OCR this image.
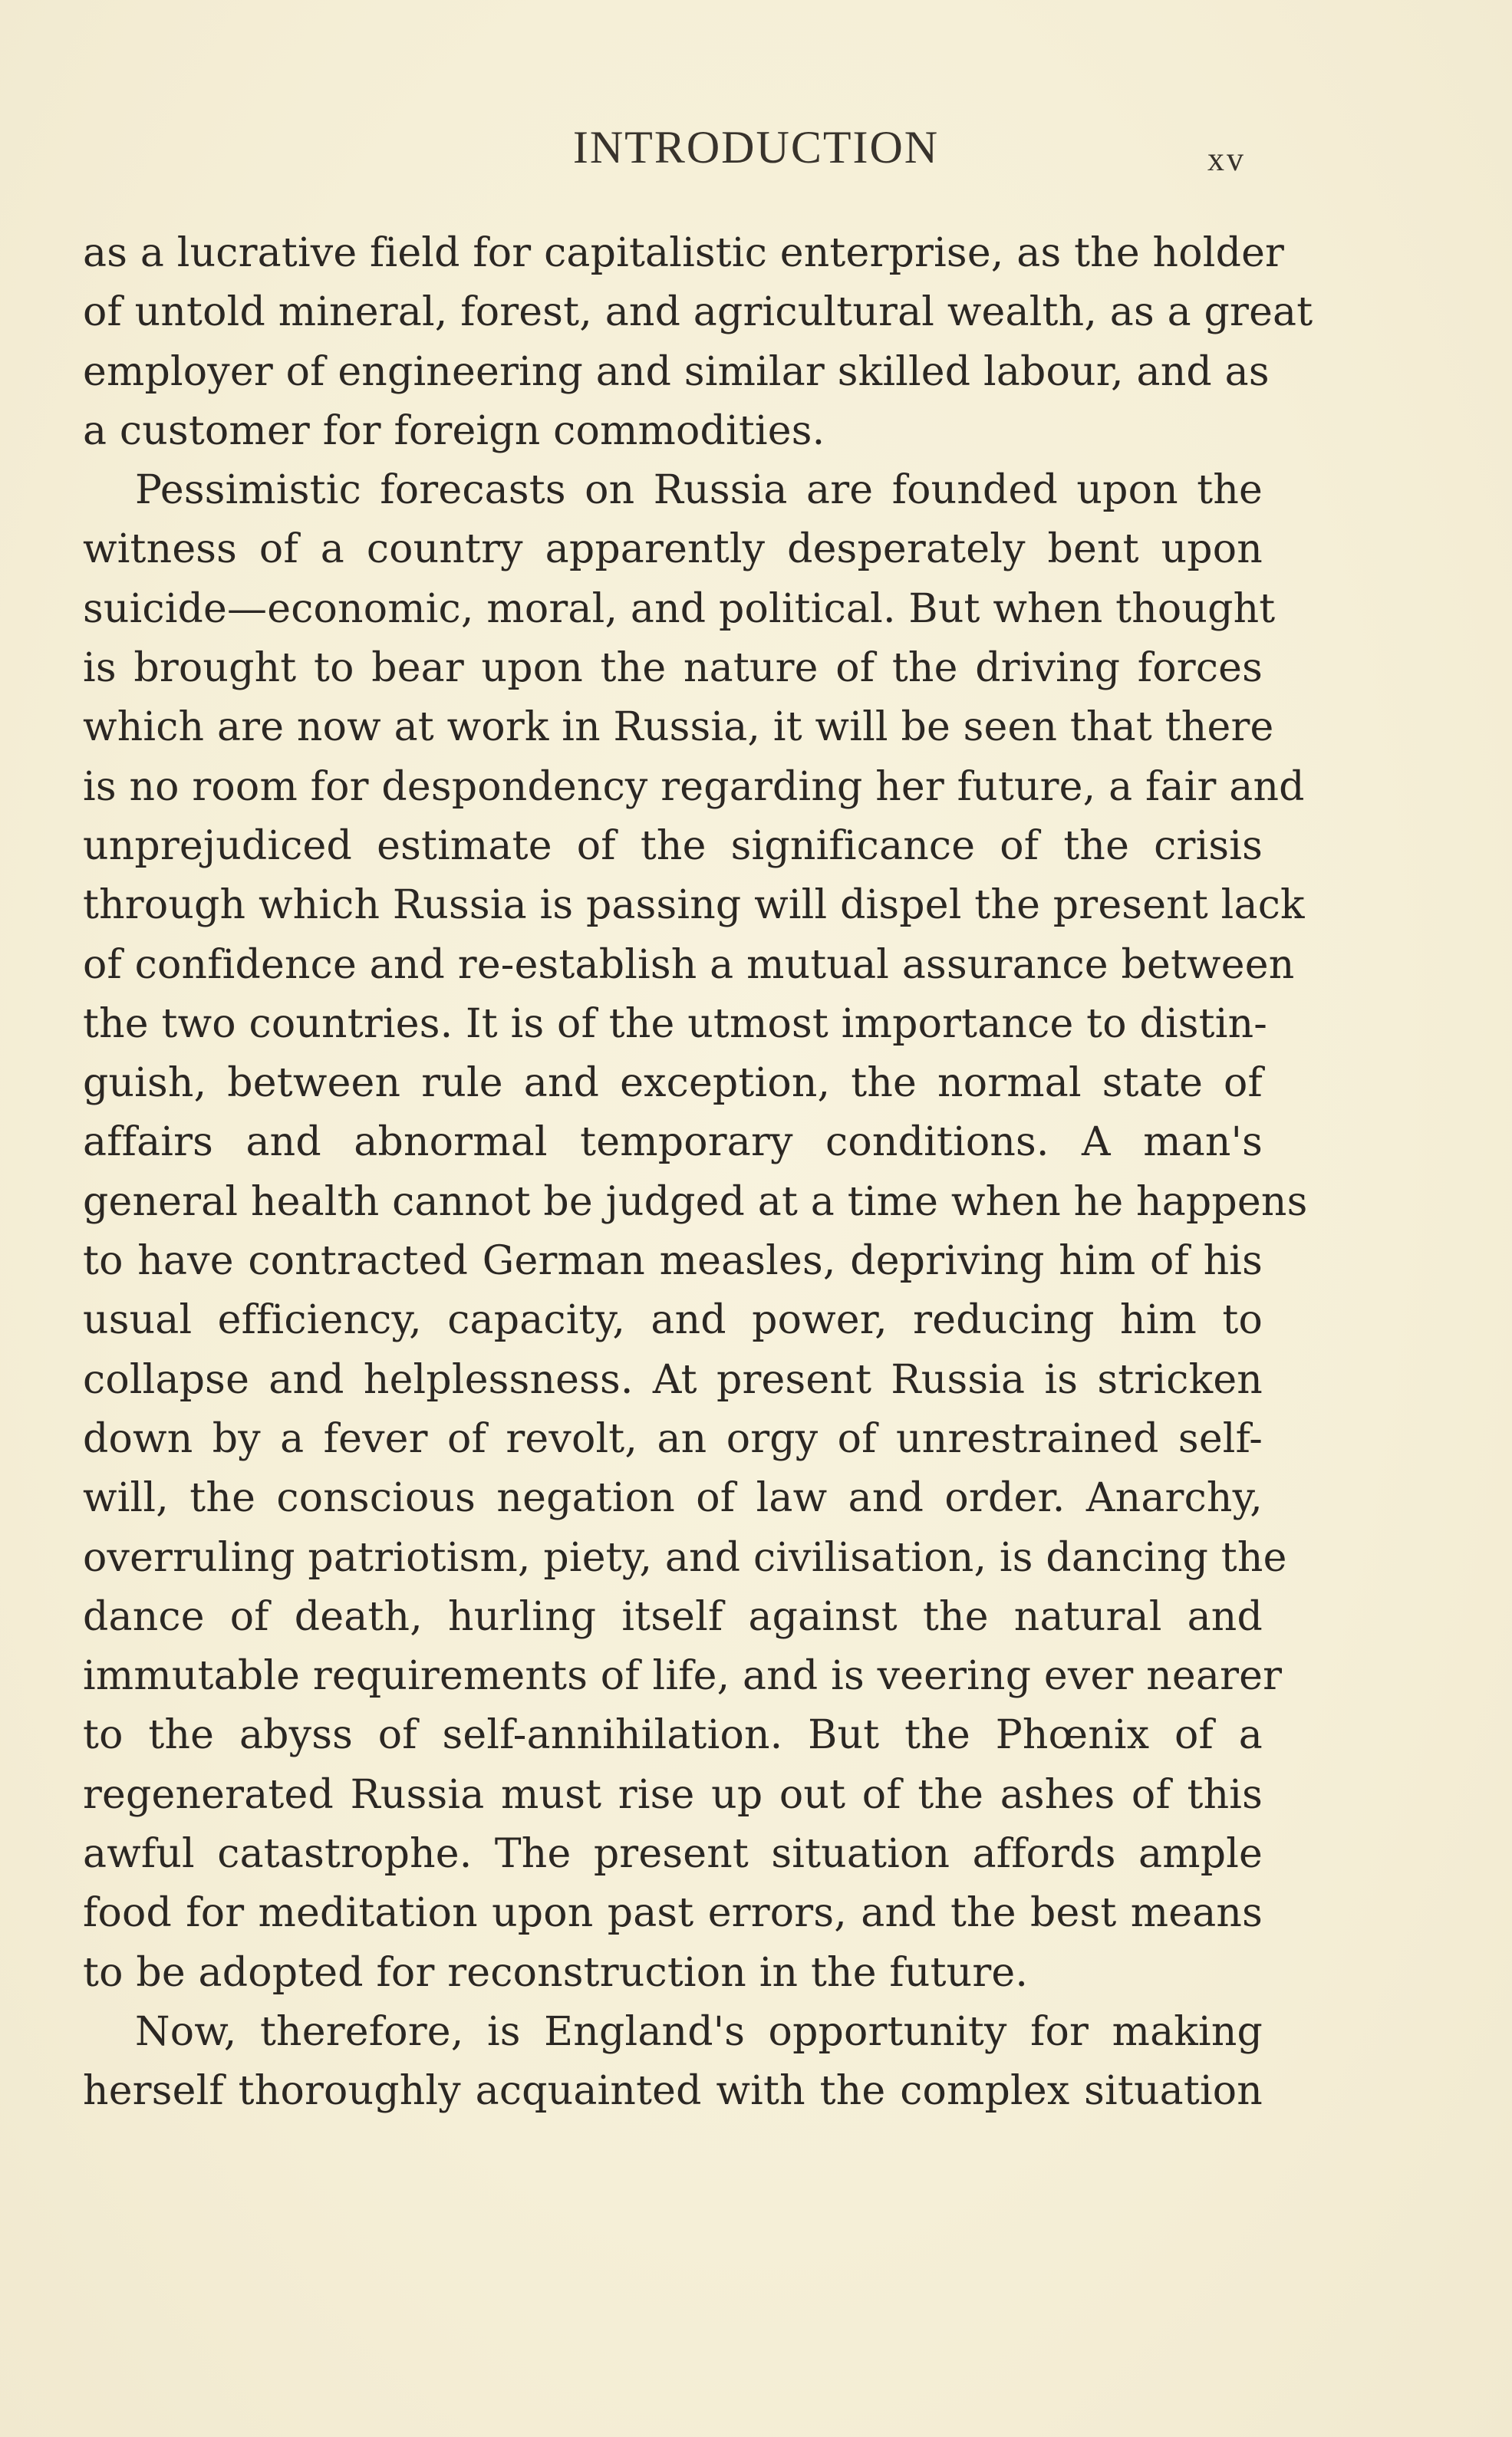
INTRODUCTION	xv
as a lucrative field for capitalistic enterprise, as the holder
of untold mineral, forest, and agricultural wealth, as a great
employer of engineering and similar skilled labour, and as
a customer for foreign commodities.
Pessimistic forecasts on Russia are founded upon the
witness of a country apparently desperately bent upon
suicide—economic, moral, and political. But when thought
is brought to bear upon the nature of the driving forces
which are now at work in Russia, it will be seen that there
is no room for despondency regarding her future, a fair and
unprejudiced estimate of the significance of the crisis
through which Russia is passing will dispel the present lack
of confidence and re-establish a mutual assurance between
the two countries. It is of the utmost importance to distin-
guish, between rule and exception, the normal state of
affairs and abnormal temporary conditions. A man's
general health cannot be judged at a time when he happens
to have contracted German measles, depriving him of his
usual efficiency, capacity, and power, reducing him to
collapse and helplessness. At present Russia is stricken
down by a fever of revolt, an orgy of unrestrained self-
will, the conscious negation of law and order. Anarchy,
overruling patriotism, piety, and civilisation, is dancing the
dance of death, hurling itself against the natural and
immutable requirements of life, and is veering ever nearer
to the abyss of self-annihilation. But the Phœnix of a
regenerated Russia must rise up out of the ashes of this
awful catastrophe. The present situation affords ample
food for meditation upon past errors, and the best means
to be adopted for reconstruction in the future.
Now, therefore, is England's opportunity for making
herself thoroughly acquainted with the complex situation
